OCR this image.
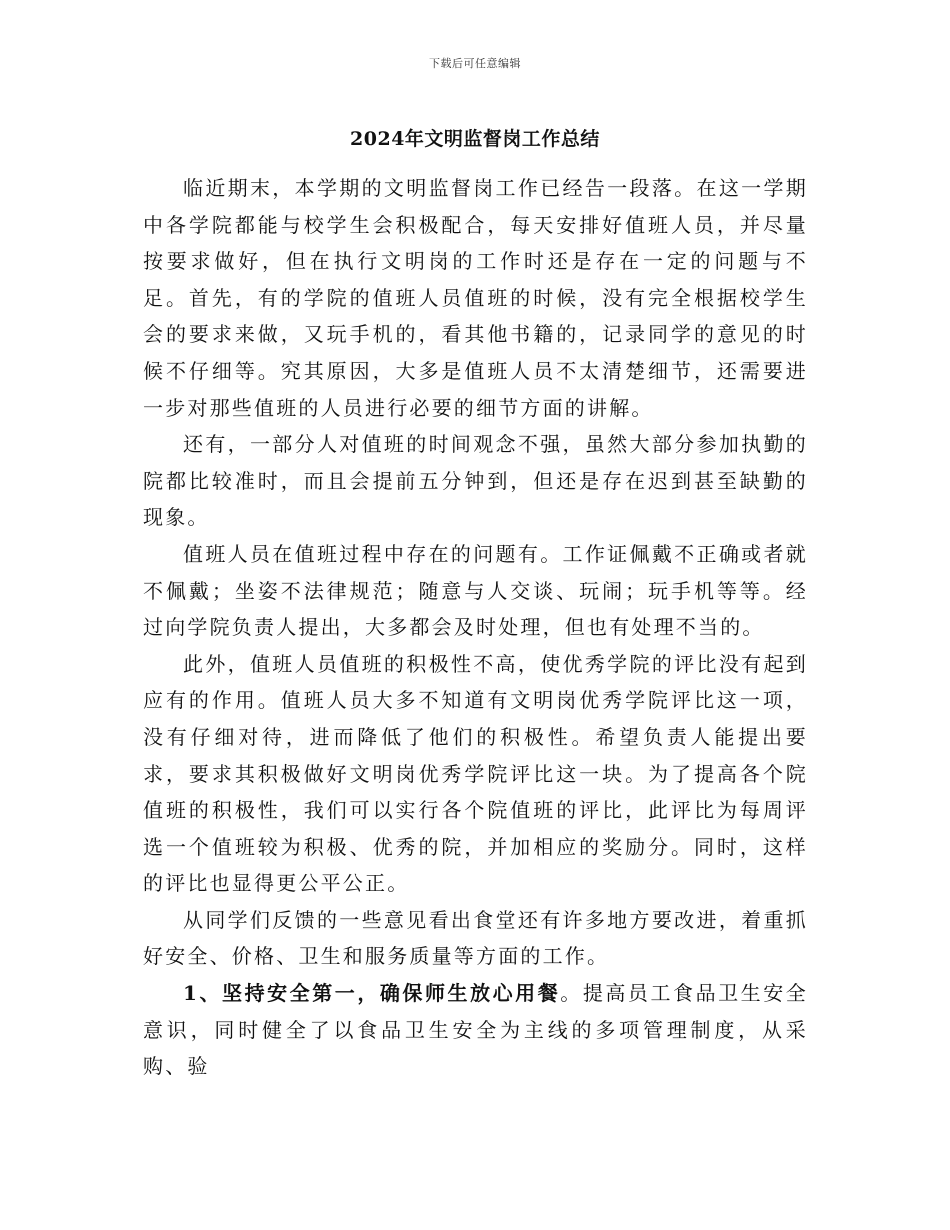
下载后可任意编辑
2024年文明监督岗工作总结

临近期末，本学期的文明监督岗工作已经告一段落。在这一学期中各学院都能与校学生会积极配合，每天安排好值班人员，并尽量按要求做好，但在执行文明岗的工作时还是存在一定的问题与不足。首先，有的学院的值班人员值班的时候，没有完全根据校学生会的要求来做，又玩手机的，看其他书籍的，记录同学的意见的时候不仔细等。究其原因，大多是值班人员不太清楚细节，还需要进一步对那些值班的人员进行必要的细节方面的讲解。

还有，一部分人对值班的时间观念不强，虽然大部分参加执勤的院都比较准时，而且会提前五分钟到，但还是存在迟到甚至缺勤的现象。

值班人员在值班过程中存在的问题有。工作证佩戴不正确或者就不佩戴；坐姿不法律规范；随意与人交谈、玩闹；玩手机等等。经过向学院负责人提出，大多都会及时处理，但也有处理不当的。

此外，值班人员值班的积极性不高，使优秀学院的评比没有起到应有的作用。值班人员大多不知道有文明岗优秀学院评比这一项，没有仔细对待，进而降低了他们的积极性。希望负责人能提出要求，要求其积极做好文明岗优秀学院评比这一块。为了提高各个院值班的积极性，我们可以实行各个院值班的评比，此评比为每周评选一个值班较为积极、优秀的院，并加相应的奖励分。同时，这样的评比也显得更公平公正。

从同学们反馈的一些意见看出食堂还有许多地方要改进，着重抓好安全、价格、卫生和服务质量等方面的工作。

1、坚持安全第一，确保师生放心用餐。提高员工食品卫生安全意识，同时健全了以食品卫生安全为主线的多项管理制度，从采购、验
